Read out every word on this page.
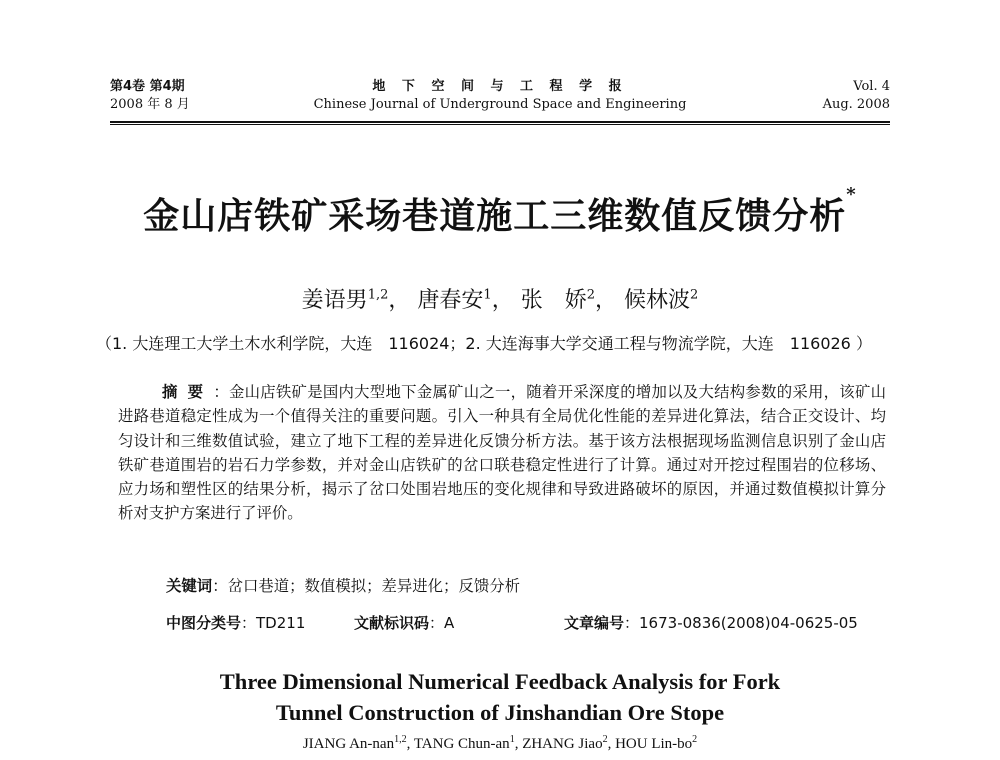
第4卷 第4期
2008 年 8 月
地 下 空 间 与 工 程 学 报
Chinese Journal of Underground Space and Engineering
Vol. 4
Aug. 2008
金山店铁矿采场巷道施工三维数值反馈分析*
姜语男$^{1,2}$， 唐春安$^1$， 张　娇$^2$， 候林波$^2$
（1. 大连理工大学土木水利学院，大连　116024；2. 大连海事大学交通工程与物流学院，大连　116026 ）
摘要：金山店铁矿是国内大型地下金属矿山之一，随着开采深度的增加以及大结构参数的采用，该矿山进路巷道稳定性成为一个值得关注的重要问题。引入一种具有全局优化性能的差异进化算法，结合正交设计、均匀设计和三维数值试验，建立了地下工程的差异进化反馈分析方法。基于该方法根据现场监测信息识别了金山店铁矿巷道围岩的岩石力学参数，并对金山店铁矿的岔口联巷稳定性进行了计算。通过对开挖过程围岩的位移场、应力场和塑性区的结果分析，揭示了岔口处围岩地压的变化规律和导致进路破坏的原因，并通过数值模拟计算分析对支护方案进行了评价。
关键词：岔口巷道；数值模拟；差异进化；反馈分析
中图分类号：TD211	文献标识码：A	文章编号：1673-0836(2008)04-0625-05
Three Dimensional Numerical Feedback Analysis for Fork
Tunnel Construction of Jinshandian Ore Stope
JIANG An-nan$^{1,2}$, TANG Chun-$an^1$, ZHANG Jiao$^2$, HOU Lin-$bo^2$
